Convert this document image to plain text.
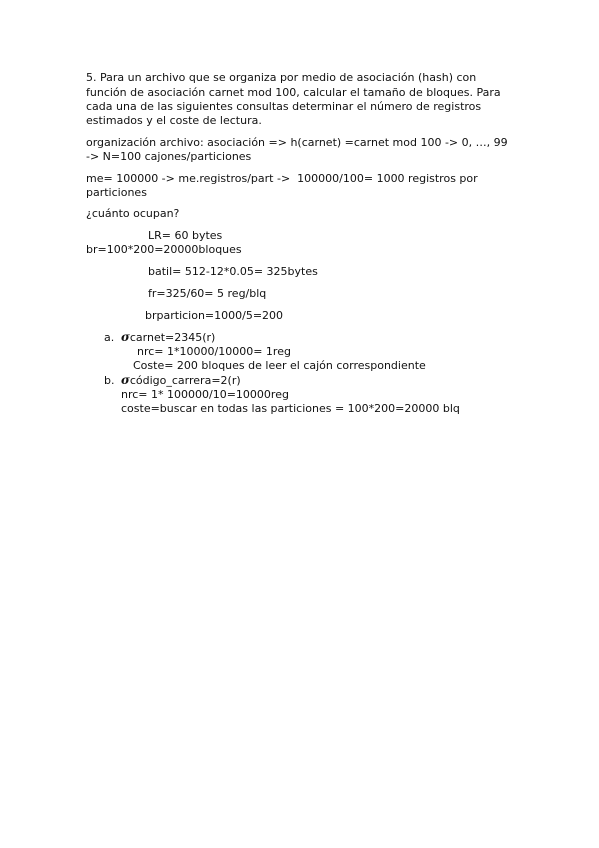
5. Para un archivo que se organiza por medio de asociación (hash) con
función de asociación carnet mod 100, calcular el tamaño de bloques. Para
cada una de las siguientes consultas determinar el número de registros
estimados y el coste de lectura.
organización archivo: asociación => h(carnet) =carnet mod 100 -> 0, …, 99
-> N=100 cajones/particiones
me= 100000 -> me.registros/part ->  100000/100= 1000 registros por
particiones
¿cuánto ocupan?
LR= 60 bytes
br=100*200=20000bloques
batil= 512-12*0.05= 325bytes
fr=325/60= 5 reg/blq
brparticion=1000/5=200
a. σcarnet=2345(r)
nrc= 1*10000/10000= 1reg
Coste= 200 bloques de leer el cajón correspondiente
b. σcódigo_carrera=2(r)
nrc= 1* 100000/10=10000reg
coste=buscar en todas las particiones = 100*200=20000 blq
